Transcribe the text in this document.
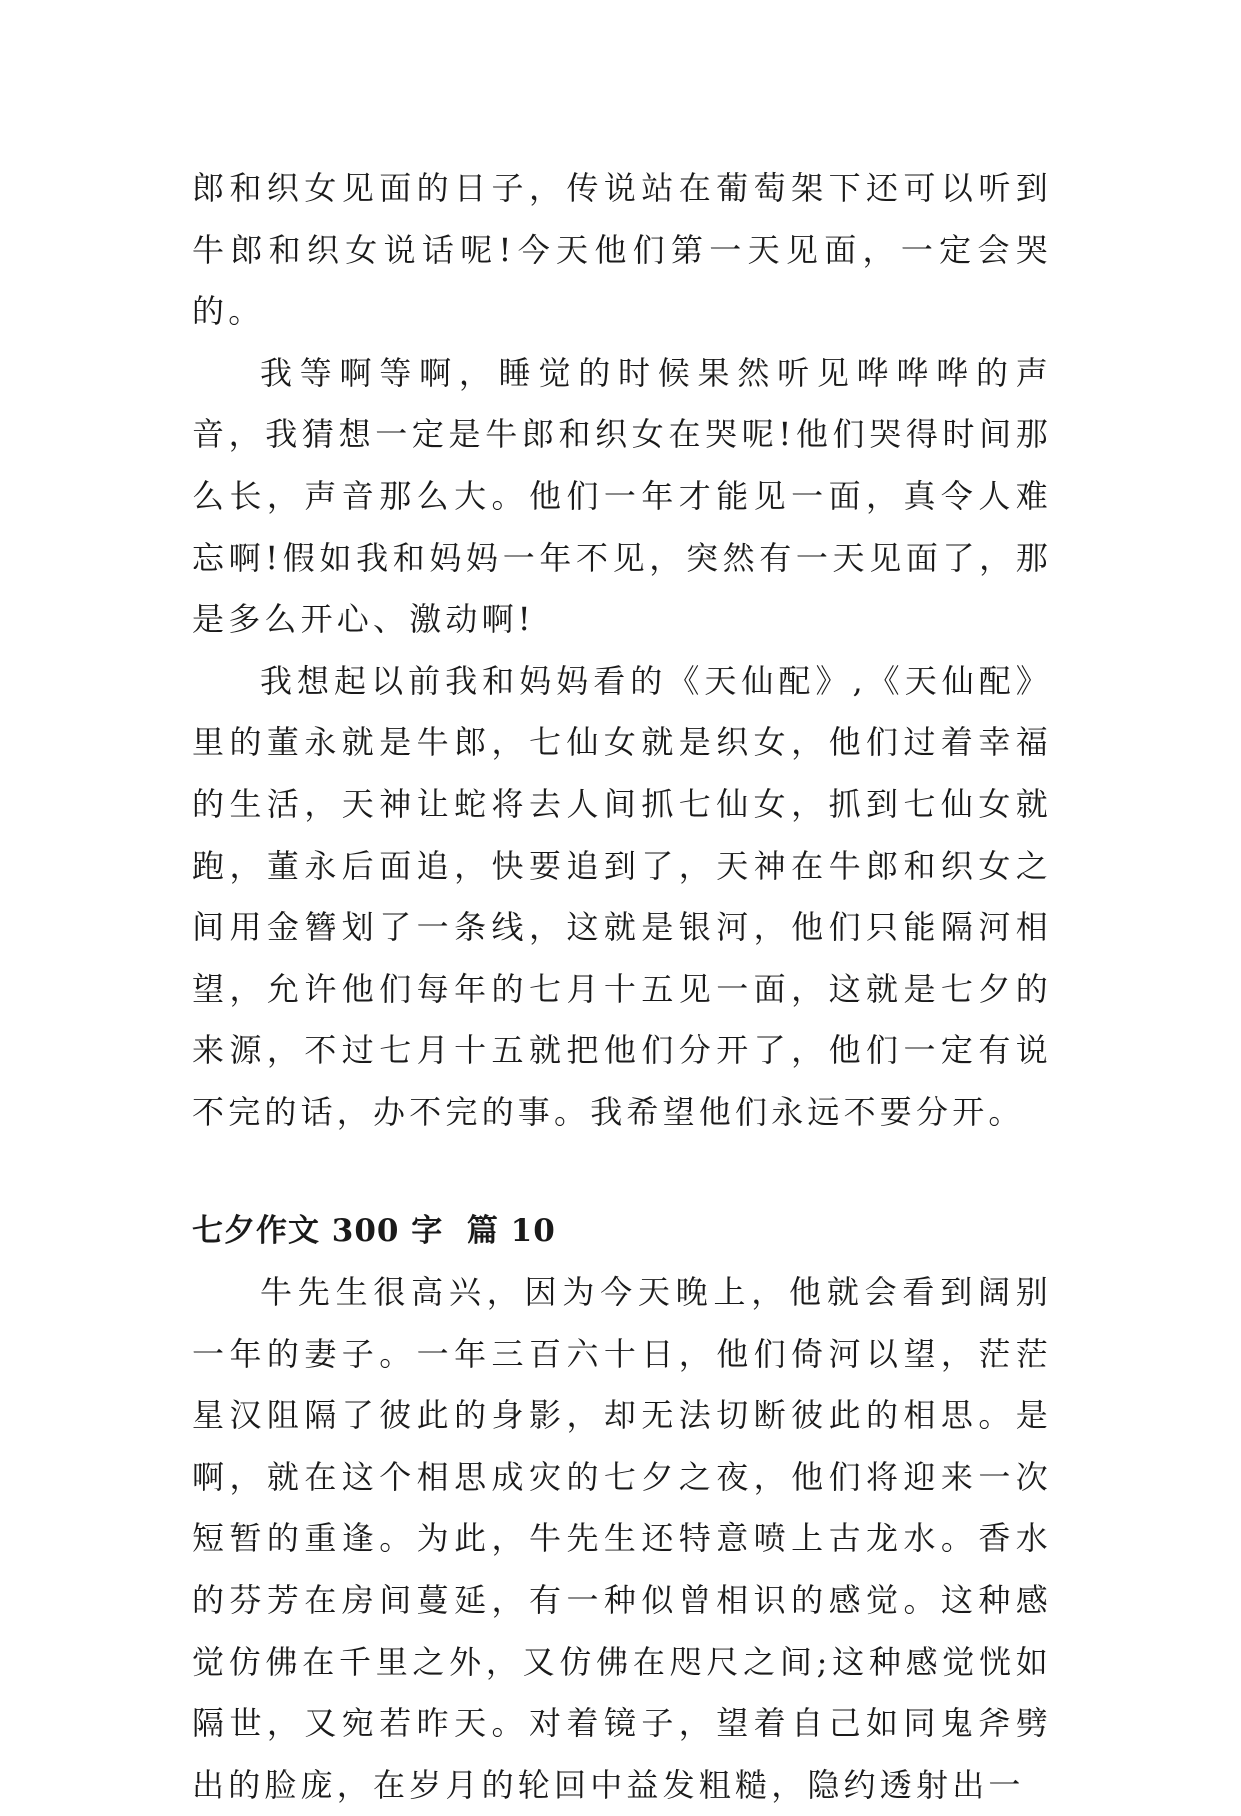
郎和织女见面的日子，传说站在葡萄架下还可以听到牛郎和织女说话呢!今天他们第一天见面，一定会哭的。

我等啊等啊，睡觉的时候果然听见哗哗哗的声音，我猜想一定是牛郎和织女在哭呢!他们哭得时间那么长，声音那么大。他们一年才能见一面，真令人难忘啊!假如我和妈妈一年不见，突然有一天见面了，那是多么开心、激动啊!

我想起以前我和妈妈看的《天仙配》,《天仙配》里的董永就是牛郎，七仙女就是织女，他们过着幸福的生活，天神让蛇将去人间抓七仙女，抓到七仙女就跑，董永后面追，快要追到了，天神在牛郎和织女之间用金簪划了一条线，这就是银河，他们只能隔河相望，允许他们每年的七月十五见一面，这就是七夕的来源，不过七月十五就把他们分开了，他们一定有说不完的话，办不完的事。我希望他们永远不要分开。

七夕作文 300 字  篇 10

牛先生很高兴，因为今天晚上，他就会看到阔别一年的妻子。一年三百六十日，他们倚河以望，茫茫星汉阻隔了彼此的身影，却无法切断彼此的相思。是啊，就在这个相思成灾的七夕之夜，他们将迎来一次短暂的重逢。为此，牛先生还特意喷上古龙水。香水的芬芳在房间蔓延，有一种似曾相识的感觉。这种感觉仿佛在千里之外，又仿佛在咫尺之间;这种感觉恍如隔世，又宛若昨天。对着镜子，望着自己如同鬼斧劈出的脸庞，在岁月的轮回中益发粗糙，隐约透射出一
